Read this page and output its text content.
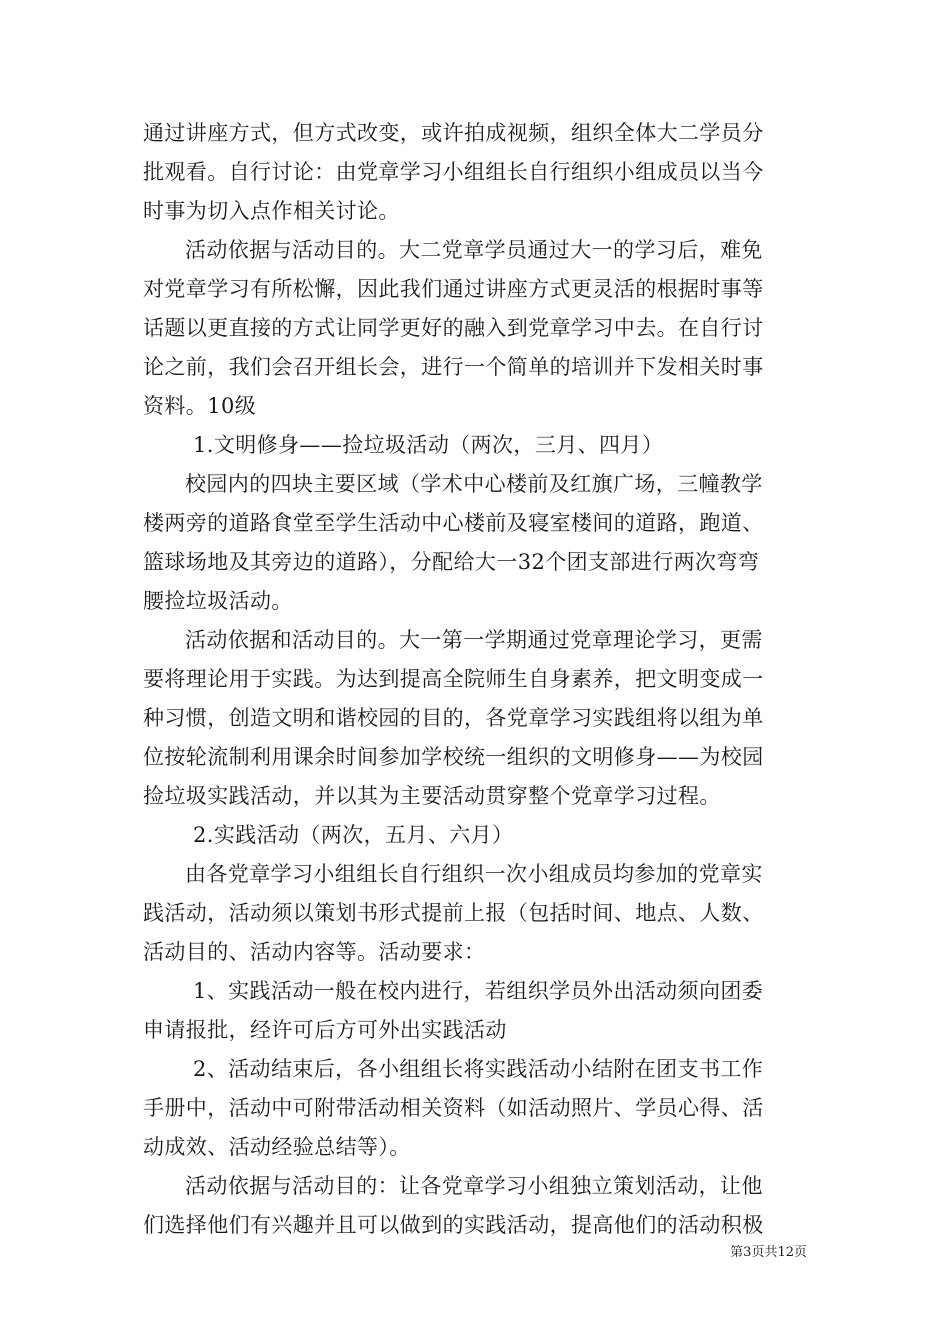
通过讲座方式，但方式改变，或许拍成视频，组织全体大二学员分
批观看。自行讨论：由党章学习小组组长自行组织小组成员以当今
时事为切入点作相关讨论。
活动依据与活动目的。大二党章学员通过大一的学习后，难免
对党章学习有所松懈，因此我们通过讲座方式更灵活的根据时事等
话题以更直接的方式让同学更好的融入到党章学习中去。在自行讨
论之前，我们会召开组长会，进行一个简单的培训并下发相关时事
资料。10级
1.文明修身——捡垃圾活动（两次，三月、四月）
校园内的四块主要区域（学术中心楼前及红旗广场，三幢教学
楼两旁的道路食堂至学生活动中心楼前及寝室楼间的道路，跑道、
篮球场地及其旁边的道路），分配给大一32个团支部进行两次弯弯
腰捡垃圾活动。
活动依据和活动目的。大一第一学期通过党章理论学习，更需
要将理论用于实践。为达到提高全院师生自身素养，把文明变成一
种习惯，创造文明和谐校园的目的，各党章学习实践组将以组为单
位按轮流制利用课余时间参加学校统一组织的文明修身——为校园
捡垃圾实践活动，并以其为主要活动贯穿整个党章学习过程。
2.实践活动（两次，五月、六月）
由各党章学习小组组长自行组织一次小组成员均参加的党章实
践活动，活动须以策划书形式提前上报（包括时间、地点、人数、
活动目的、活动内容等。活动要求：
1、实践活动一般在校内进行，若组织学员外出活动须向团委
申请报批，经许可后方可外出实践活动
2、活动结束后，各小组组长将实践活动小结附在团支书工作
手册中，活动中可附带活动相关资料（如活动照片、学员心得、活
动成效、活动经验总结等）。
活动依据与活动目的：让各党章学习小组独立策划活动，让他
们选择他们有兴趣并且可以做到的实践活动，提高他们的活动积极
第3页共12页
